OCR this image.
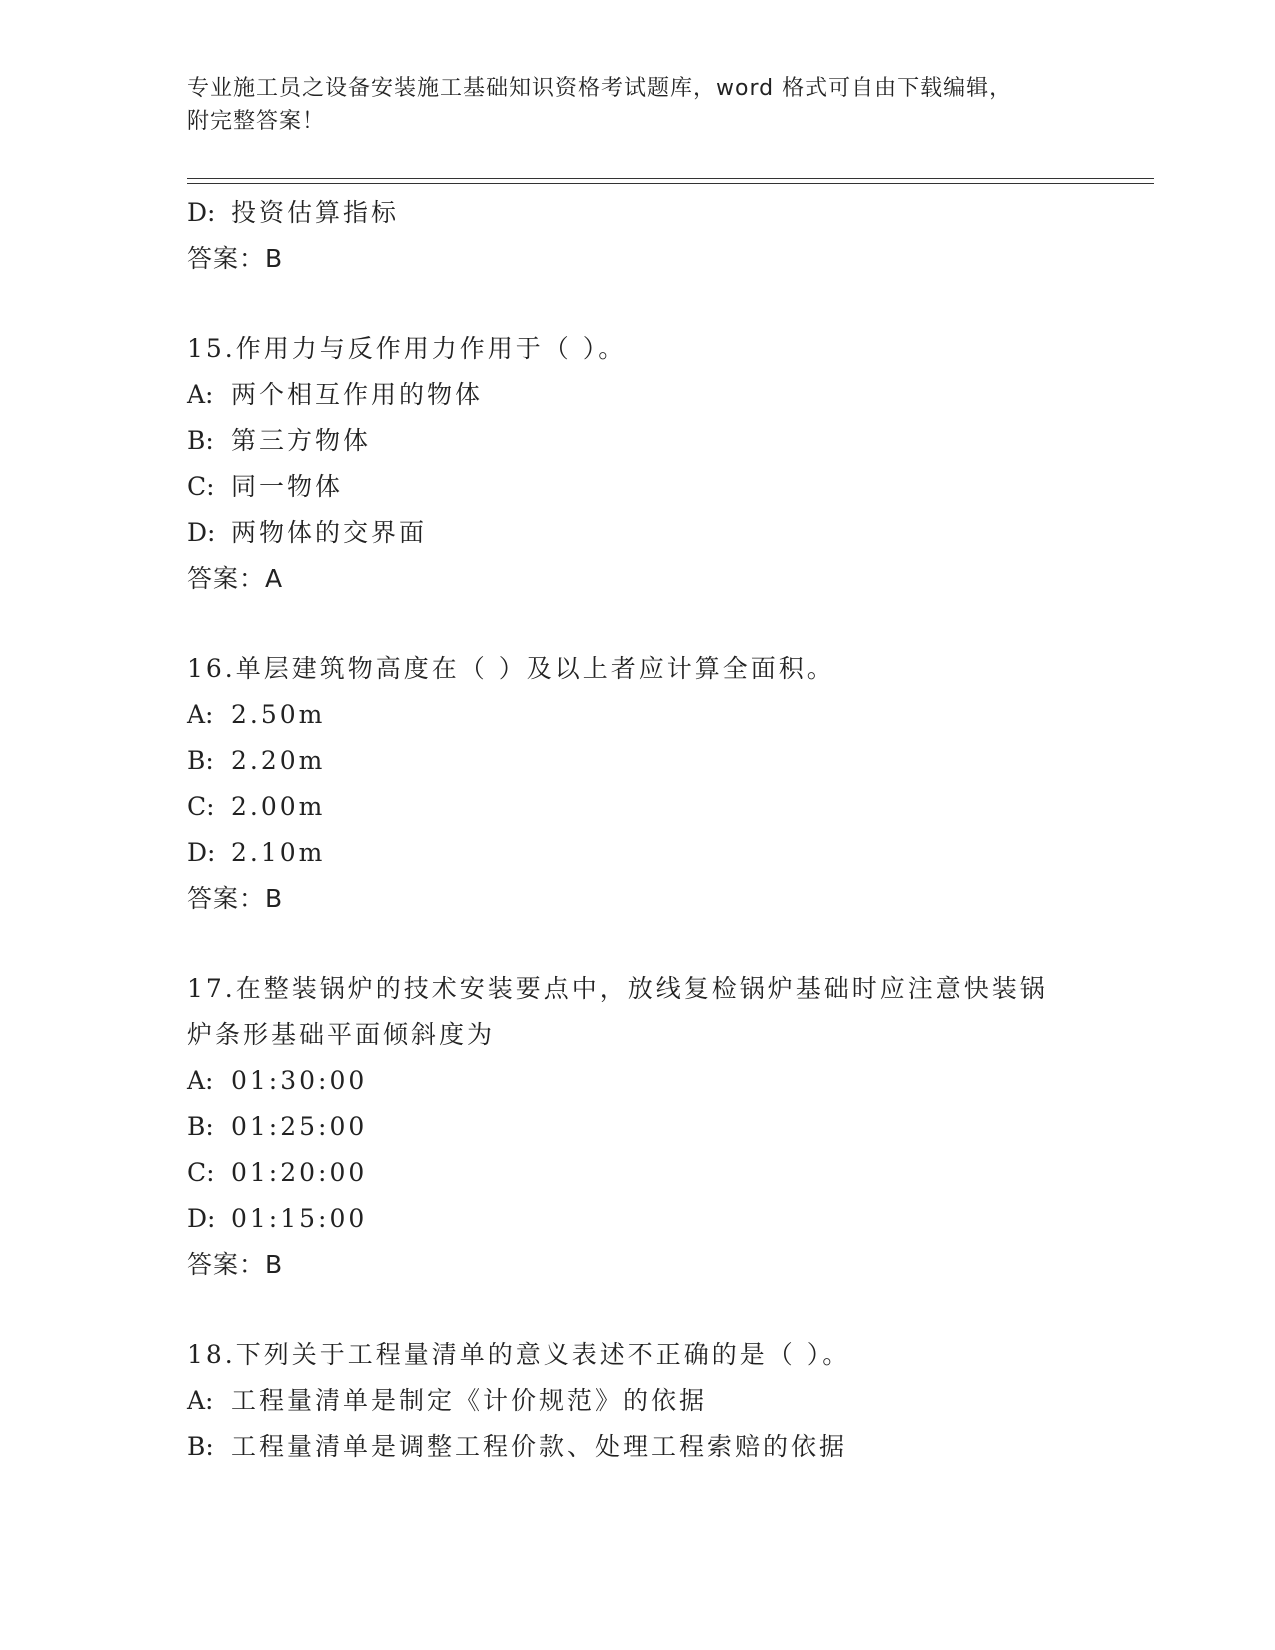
专业施工员之设备安装施工基础知识资格考试题库，word 格式可自由下载编辑，
附完整答案！
D: 投资估算指标
答案：B
15.作用力与反作用力作用于（ ）。
A: 两个相互作用的物体
B: 第三方物体
C: 同一物体
D: 两物体的交界面
答案：A
16.单层建筑物高度在（ ）及以上者应计算全面积。
A: 2.50m
B: 2.20m
C: 2.00m
D: 2.10m
答案：B
17.在整装锅炉的技术安装要点中，放线复检锅炉基础时应注意快装锅
炉条形基础平面倾斜度为
A: 01:30:00
B: 01:25:00
C: 01:20:00
D: 01:15:00
答案：B
18.下列关于工程量清单的意义表述不正确的是（ ）。
A: 工程量清单是制定《计价规范》的依据
B: 工程量清单是调整工程价款、处理工程索赔的依据
